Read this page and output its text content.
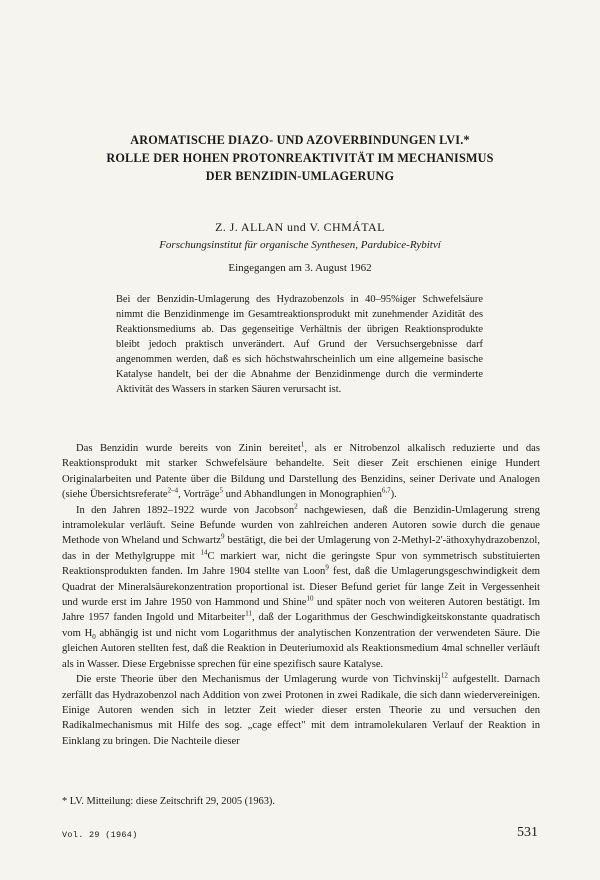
AROMATISCHE DIAZO- UND AZOVERBINDUNGEN LVI.*
ROLLE DER HOHEN PROTONREAKTIVITÄT IM MECHANISMUS
DER BENZIDIN-UMLAGERUNG

Z. J. ALLAN und V. CHMÁTAL

Forschungsinstitut für organische Synthesen, Pardubice-Rybitví

Eingegangen am 3. August 1962

Bei der Benzidin-Umlagerung des Hydrazobenzols in 40–95%iger Schwefelsäure nimmt die Benzidinmenge im Gesamtreaktionsprodukt mit zunehmender Azidität des Reaktionsmediums ab. Das gegenseitige Verhältnis der übrigen Reaktionsprodukte bleibt jedoch praktisch unverändert. Auf Grund der Versuchsergebnisse darf angenommen werden, daß es sich höchstwahrscheinlich um eine allgemeine basische Katalyse handelt, bei der die Abnahme der Benzidinmenge durch die verminderte Aktivität des Wassers in starken Säuren verursacht ist.

Das Benzidin wurde bereits von Zinin bereitet$^1$, als er Nitrobenzol alkalisch reduzierte und das Reaktionsprodukt mit starker Schwefelsäure behandelte. Seit dieser Zeit erschienen einige Hundert Originalarbeiten und Patente über die Bildung und Darstellung des Benzidins, seiner Derivate und Analogen (siehe Übersichtsreferate$^{2-4}$, Vorträge$^5$ und Abhandlungen in Monographien$^{6,7}$).

In den Jahren 1892–1922 wurde von Jacobson$^2$ nachgewiesen, daß die Benzidin-Umlagerung streng intramolekular verläuft. Seine Befunde wurden von zahlreichen anderen Autoren sowie durch die genaue Methode von Wheland und Schwartz$^9$ bestätigt, die bei der Umlagerung von 2-Methyl-2'-äthoxyhydrazobenzol, das in der Methylgruppe mit $^{14}$C markiert war, nicht die geringste Spur von symmetrisch substituierten Reaktionsprodukten fanden. Im Jahre 1904 stellte van Loon$^9$ fest, daß die Umlagerungsgeschwindigkeit dem Quadrat der Mineralsäurekonzentration proportional ist. Dieser Befund geriet für lange Zeit in Vergessenheit und wurde erst im Jahre 1950 von Hammond und Shine$^{10}$ und später noch von weiteren Autoren bestätigt. Im Jahre 1957 fanden Ingold und Mitarbeiter$^{11}$, daß der Logarithmus der Geschwindigkeitskonstante quadratisch vom $H_0$ abhängig ist und nicht vom Logarithmus der analytischen Konzentration der verwendeten Säure. Die gleichen Autoren stellten fest, daß die Reaktion in Deuteriumoxid als Reaktionsmedium 4mal schneller verläuft als in Wasser. Diese Ergebnisse sprechen für eine spezifisch saure Katalyse.

Die erste Theorie über den Mechanismus der Umlagerung wurde von Tichvinskij$^{12}$ aufgestellt. Darnach zerfällt das Hydrazobenzol nach Addition von zwei Protonen in zwei Radikale, die sich dann wiedervereinigen. Einige Autoren wenden sich in letzter Zeit wieder dieser ersten Theorie zu und versuchen den Radikalmechanismus mit Hilfe des sog. „cage effect" mit dem intramolekularen Verlauf der Reaktion in Einklang zu bringen. Die Nachteile dieser

* LV. Mitteilung: diese Zeitschrift 29, 2005 (1963).

Vol. 29 (1964)	531
